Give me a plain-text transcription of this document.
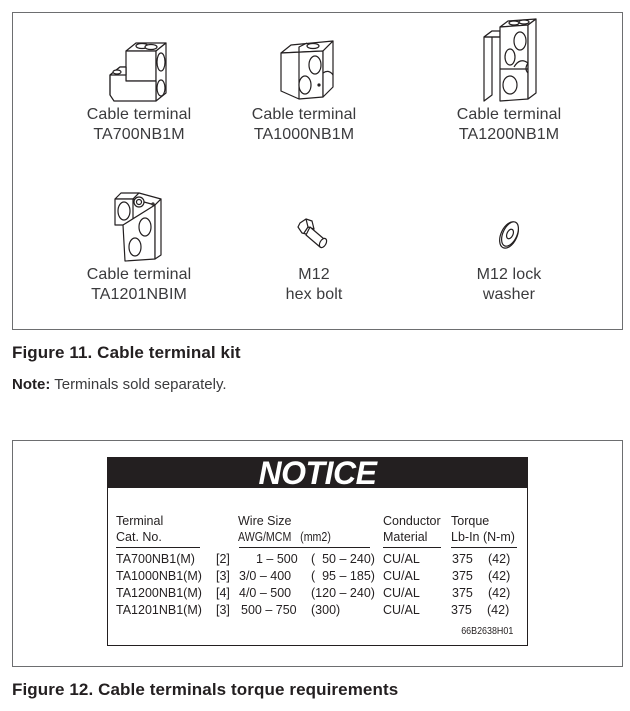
Cable terminal
TA700NB1M
Cable terminal
TA1000NB1M
Cable terminal
TA1200NB1M
Cable terminal
TA1201NBIM
M12
hex bolt
M12 lock
washer
Figure 11. Cable terminal kit
Note: Terminals sold separately.
NOTICE
Terminal
Cat. No.
Wire Size
AWG/MCM   (mm2)
Conductor
Material
Torque
Lb-In (N-m)
TA700NB1(M) [2] 1 – 500 (  50 – 240) CU/AL	375 (42)
TA1000NB1(M) [3] 3/0 – 400 (  95 – 185) CU/AL	375 (42)
TA1200NB1(M) [4] 4/0 – 500 (120 – 240) CU/AL	375 (42)
TA1201NB1(M) [3] 500 – 750 (300)	CU/AL 375 (42)
66B2638H01
Figure 12. Cable terminals torque requirements
